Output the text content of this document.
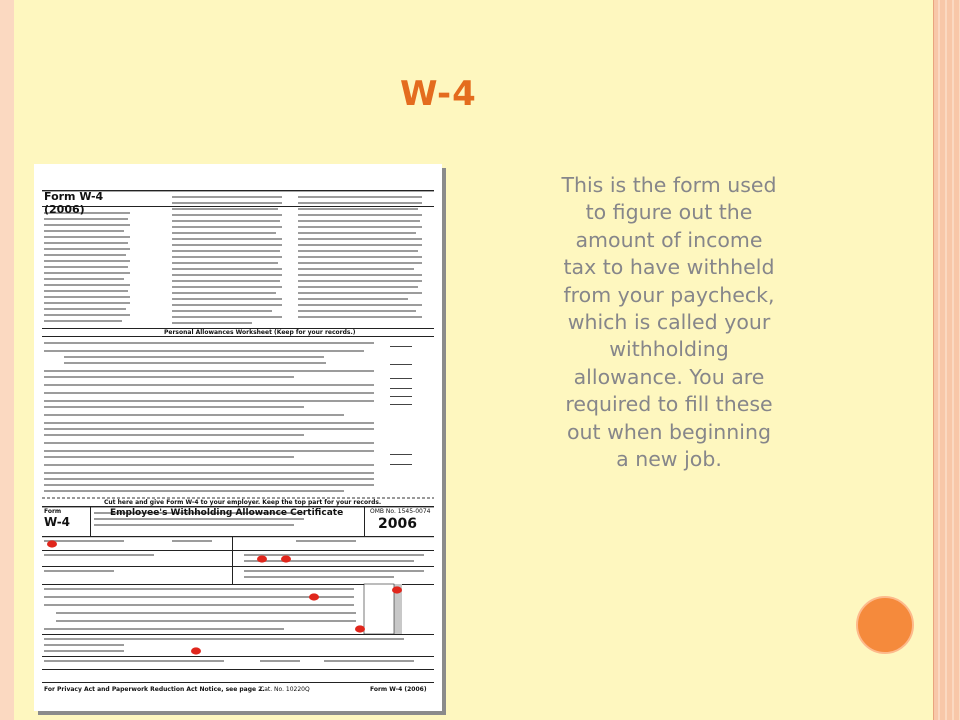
W-4
Form W-4 (2006)
Personal Allowances Worksheet (Keep for your records.)
Cut here and give Form W-4 to your employer. Keep the top part for your records.
Form
W-4
Employee's Withholding Allowance Certificate	OMB No. 1545-0074
2006
For Privacy Act and Paperwork Reduction Act Notice, see page 2.
Cat. No. 10220Q	Form W-4 (2006)
This is the form used to figure out the amount of income tax to have withheld from your paycheck, which is called your withholding allowance. You are required to fill these out when beginning a new job.
